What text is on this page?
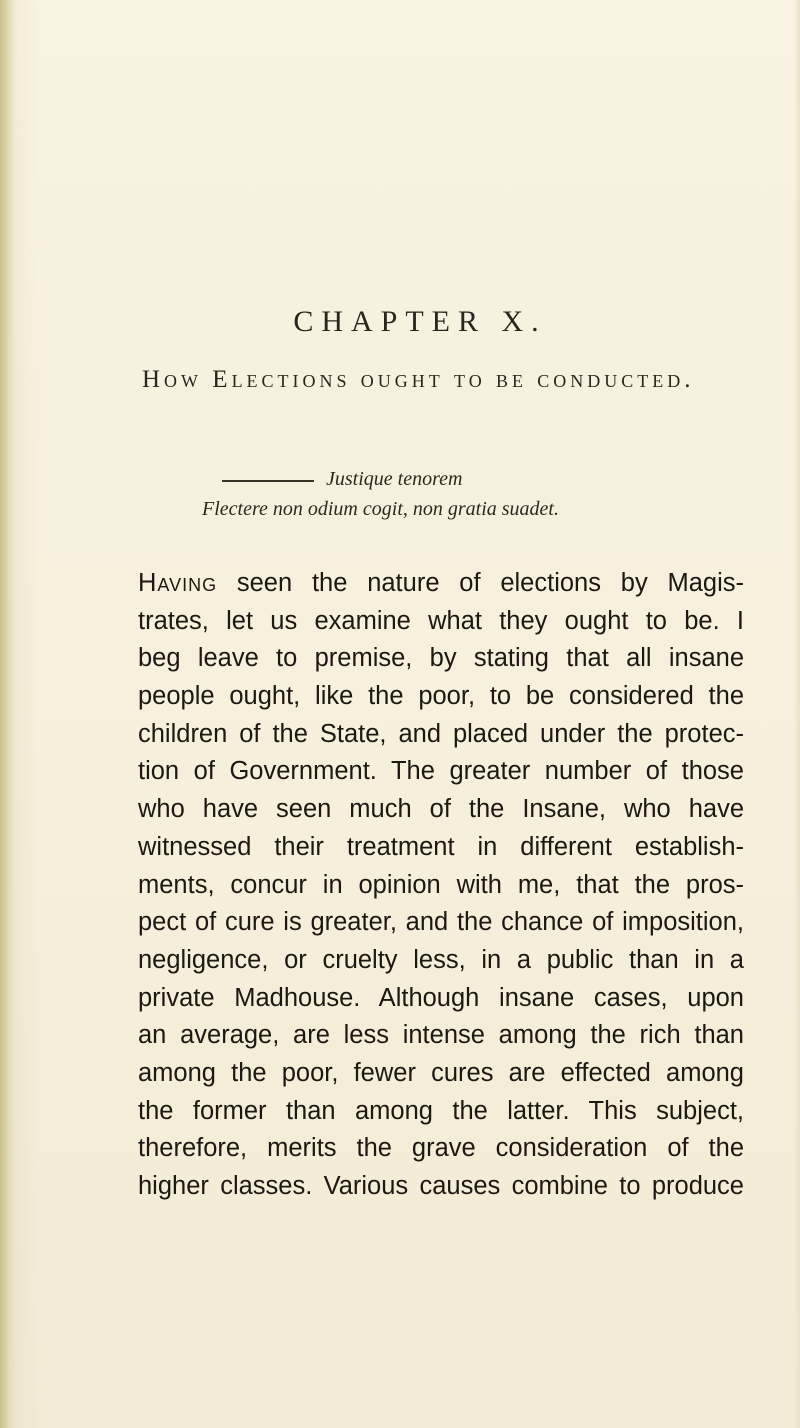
CHAPTER X.
How Elections ought to be conducted.
Justique tenorem
Flectere non odium cogit, non gratia suadet.
Having seen the nature of elections by Magis-
trates, let us examine what they ought to be. I
beg leave to premise, by stating that all insane
people ought, like the poor, to be considered the
children of the State, and placed under the protec-
tion of Government. The greater number of those
who have seen much of the Insane, who have
witnessed their treatment in different establish-
ments, concur in opinion with me, that the pros-
pect of cure is greater, and the chance of imposition,
negligence, or cruelty less, in a public than in a
private Madhouse. Although insane cases, upon
an average, are less intense among the rich than
among the poor, fewer cures are effected among
the former than among the latter. This subject,
therefore, merits the grave consideration of the
higher classes. Various causes combine to produce
